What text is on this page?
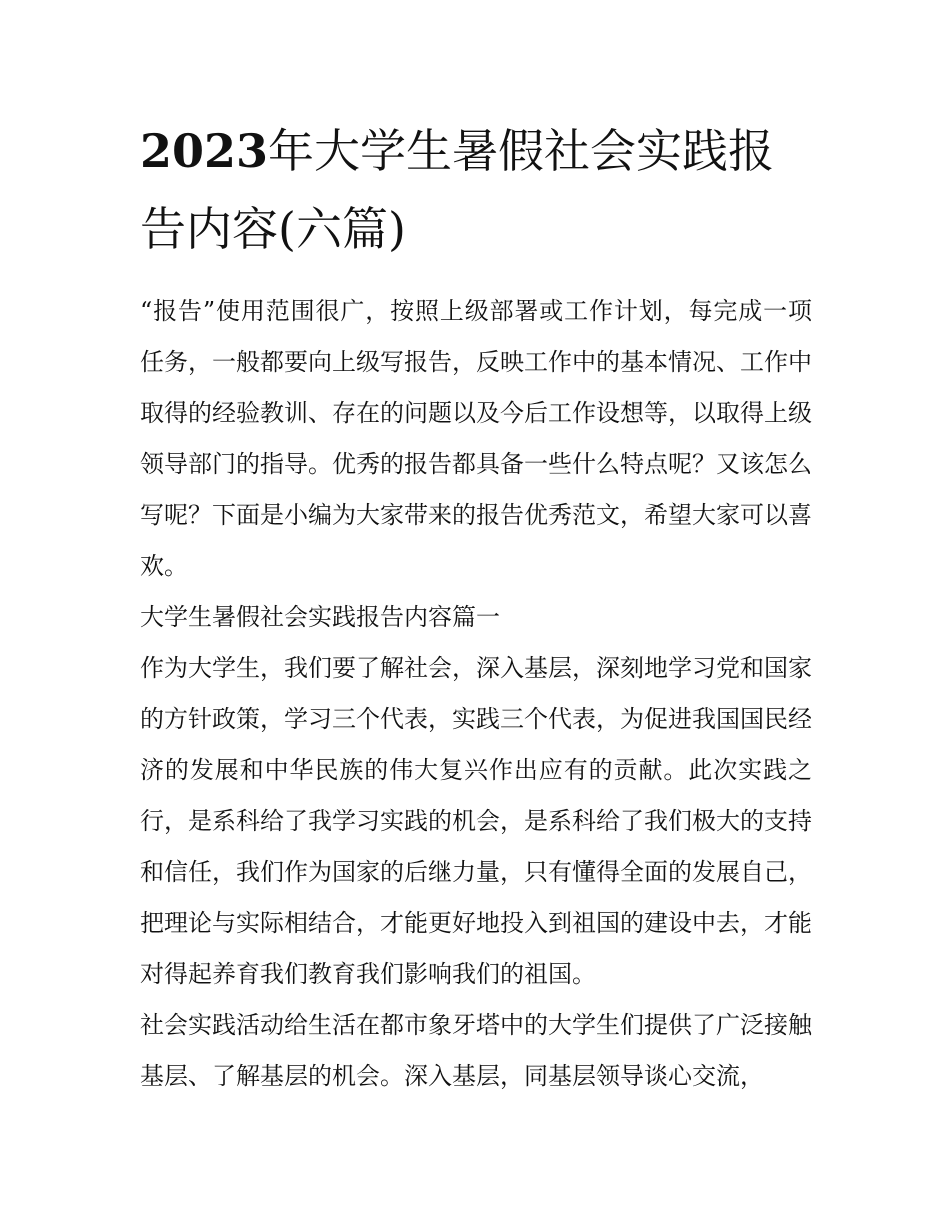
2023年大学生暑假社会实践报告内容(六篇)

“报告”使用范围很广，按照上级部署或工作计划，每完成一项任务，一般都要向上级写报告，反映工作中的基本情况、工作中取得的经验教训、存在的问题以及今后工作设想等，以取得上级领导部门的指导。优秀的报告都具备一些什么特点呢？又该怎么写呢？下面是小编为大家带来的报告优秀范文，希望大家可以喜欢。

大学生暑假社会实践报告内容篇一

作为大学生，我们要了解社会，深入基层，深刻地学习党和国家的方针政策，学习三个代表，实践三个代表，为促进我国国民经济的发展和中华民族的伟大复兴作出应有的贡献。此次实践之行，是系科给了我学习实践的机会，是系科给了我们极大的支持和信任，我们作为国家的后继力量，只有懂得全面的发展自己，把理论与实际相结合，才能更好地投入到祖国的建设中去，才能对得起养育我们教育我们影响我们的祖国。

社会实践活动给生活在都市象牙塔中的大学生们提供了广泛接触基层、了解基层的机会。深入基层，同基层领导谈心交流，
